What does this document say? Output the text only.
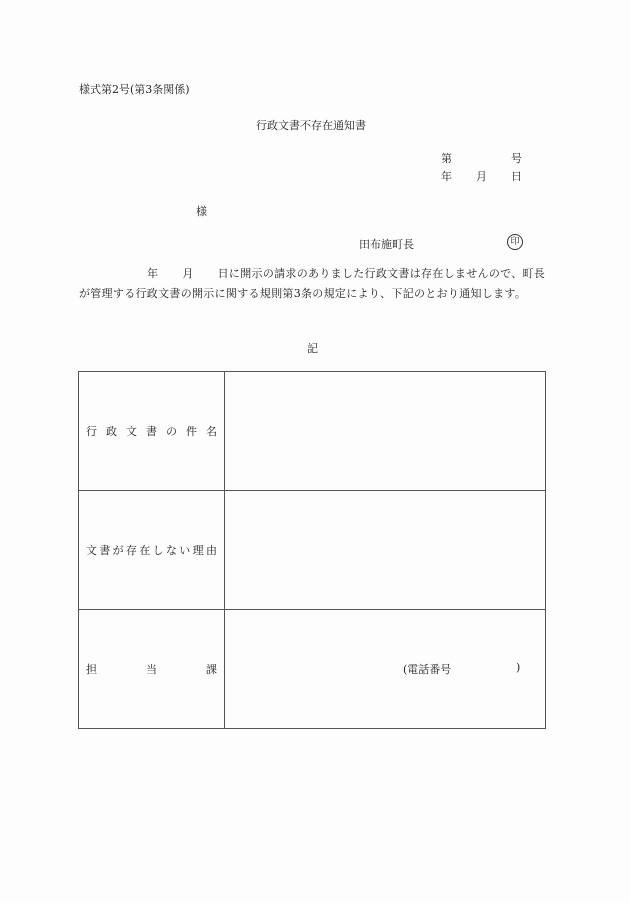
様式第2号(第3条関係)
行政文書不存在通知書
第	号
年 月 日
様
田布施町長	印
年 月 日に開示の請求のありました行政文書は存在しませんので、町長が管理する行政文書の開示に関する規則第3条の規定により、下記のとおり通知します。
記
行 政 文 書 の 件 名

文 書 が 存 在 し な い 理 由

担 当 課	(電話番号 )
